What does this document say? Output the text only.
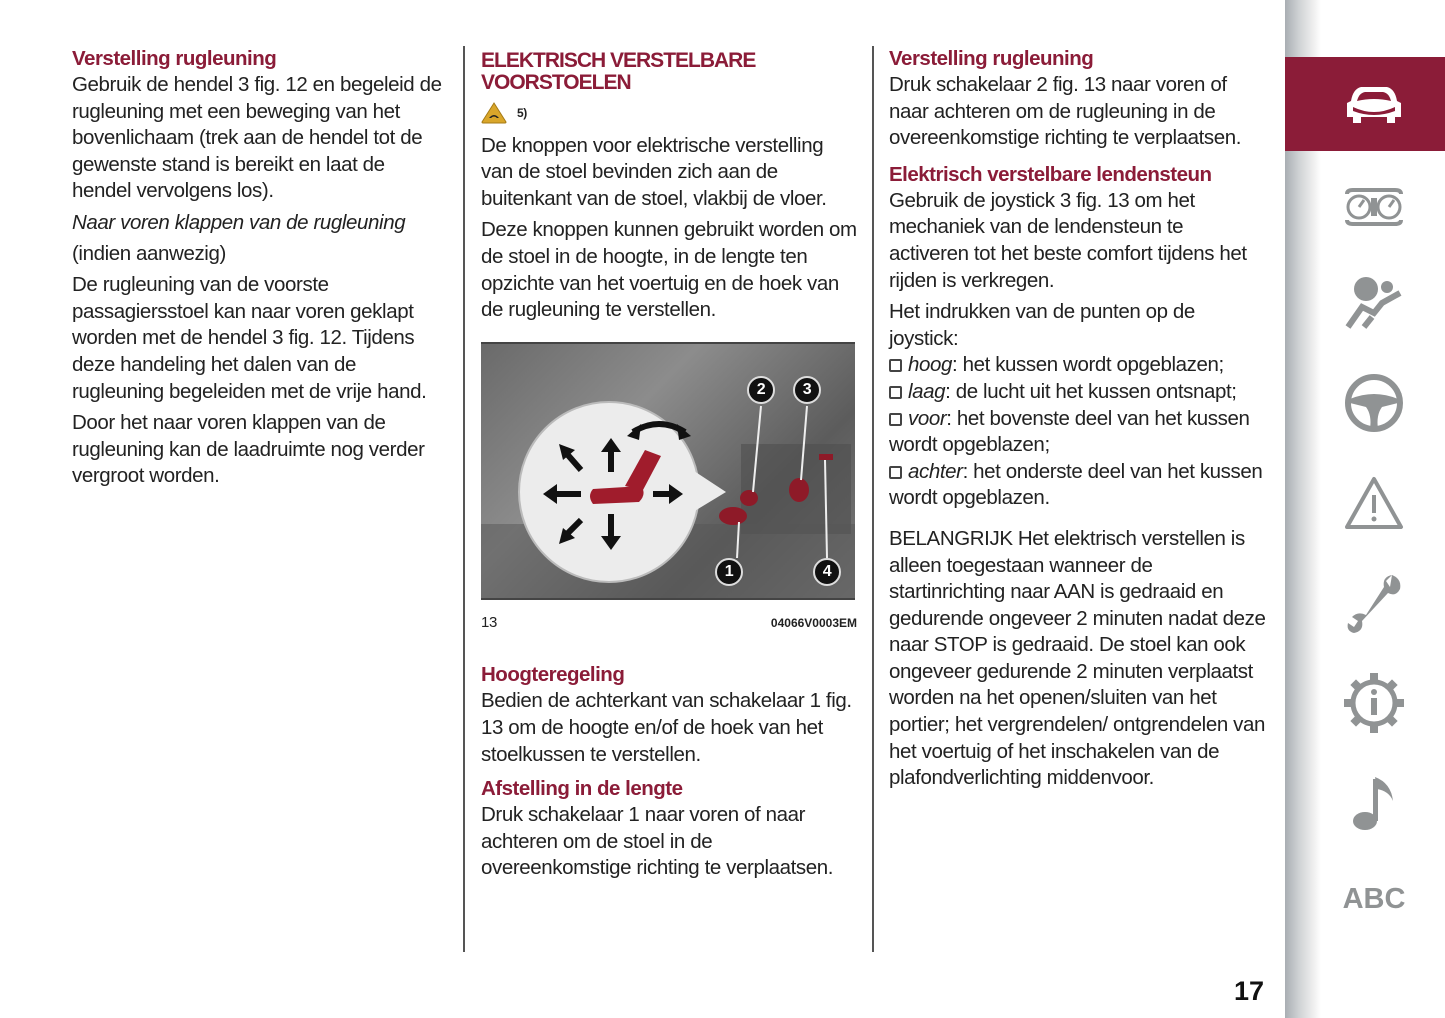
Verstelling rugleuning

Gebruik de hendel 3 fig. 12 en begeleid de rugleuning met een beweging van het bovenlichaam (trek aan de hendel tot de gewenste stand is bereikt en laat de hendel vervolgens los).

Naar voren klappen van de rugleuning

(indien aanwezig)

De rugleuning van de voorste passagiersstoel kan naar voren geklapt worden met de hendel 3 fig. 12. Tijdens deze handeling het dalen van de rugleuning begeleiden met de vrije hand.

Door het naar voren klappen van de rugleuning kan de laadruimte nog verder vergroot worden.

ELEKTRISCH VERSTELBARE
VOORSTOELEN
5)

De knoppen voor elektrische verstelling van de stoel bevinden zich aan de buitenkant van de stoel, vlakbij de vloer.

Deze knoppen kunnen gebruikt worden om de stoel in de hoogte, in de lengte ten opzichte van het voertuig en de hoek van de rugleuning te verstellen.

2	3
1	4
13	04066V0003EM
Hoogteregeling

Bedien de achterkant van schakelaar 1 fig. 13 om de hoogte en/of de hoek van het stoelkussen te verstellen.

Afstelling in de lengte

Druk schakelaar 1 naar voren of naar achteren om de stoel in de overeenkomstige richting te verplaatsen.

Verstelling rugleuning

Druk schakelaar 2 fig. 13 naar voren of naar achteren om de rugleuning in de overeenkomstige richting te verplaatsen.

Elektrisch verstelbare lendensteun

Gebruik de joystick 3 fig. 13 om het mechaniek van de lendensteun te activeren tot het beste comfort tijdens het rijden is verkregen.

Het indrukken van de punten op de joystick:

hoog: het kussen wordt opgeblazen;
laag: de lucht uit het kussen ontsnapt;
voor: het bovenste deel van het kussen wordt opgeblazen;
achter: het onderste deel van het kussen wordt opgeblazen.

BELANGRIJK Het elektrisch verstellen is alleen toegestaan wanneer de startinrichting naar AAN is gedraaid en gedurende ongeveer 2 minuten nadat deze naar STOP is gedraaid. De stoel kan ook ongeveer gedurende 2 minuten verplaatst worden na het openen/sluiten van het portier; het vergrendelen/ ontgrendelen van het voertuig of het inschakelen van de plafondverlichting middenvoor.

17
ABC
